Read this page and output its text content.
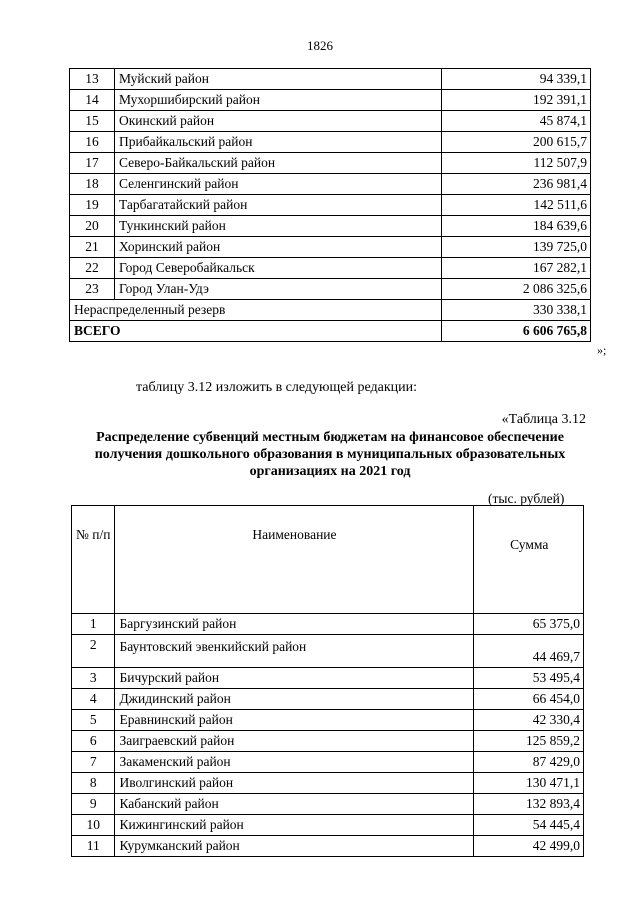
1826
13	Муйский район	94 339,1
14	Мухоршибирский район	192 391,1
15	Окинский район	45 874,1
16	Прибайкальский район	200 615,7
17	Северо-Байкальский район	112 507,9
18	Селенгинский район	236 981,4
19	Тарбагатайский район	142 511,6
20	Тункинский район	184 639,6
21	Хоринский район	139 725,0
22	Город Северобайкальск	167 282,1
23	Город Улан-Удэ	2 086 325,6
Нераспределенный резерв		330 338,1
ВСЕГО		6 606 765,8
»;
таблицу 3.12 изложить в следующей редакции:
«Таблица 3.12
Распределение субвенций местным бюджетам на финансовое обеспечение получения дошкольного образования в муниципальных образовательных организациях на 2021 год
(тыс. рублей)
№ п/п	Наименование	Сумма
1	Баргузинский район	65 375,0
2	Баунтовский эвенкийский район	44 469,7
3	Бичурский район	53 495,4
4	Джидинский район	66 454,0
5	Еравнинский район	42 330,4
6	Заиграевский район	125 859,2
7	Закаменский район	87 429,0
8	Иволгинский район	130 471,1
9	Кабанский район	132 893,4
10	Кижингинский район	54 445,4
11	Курумканский район	42 499,0
